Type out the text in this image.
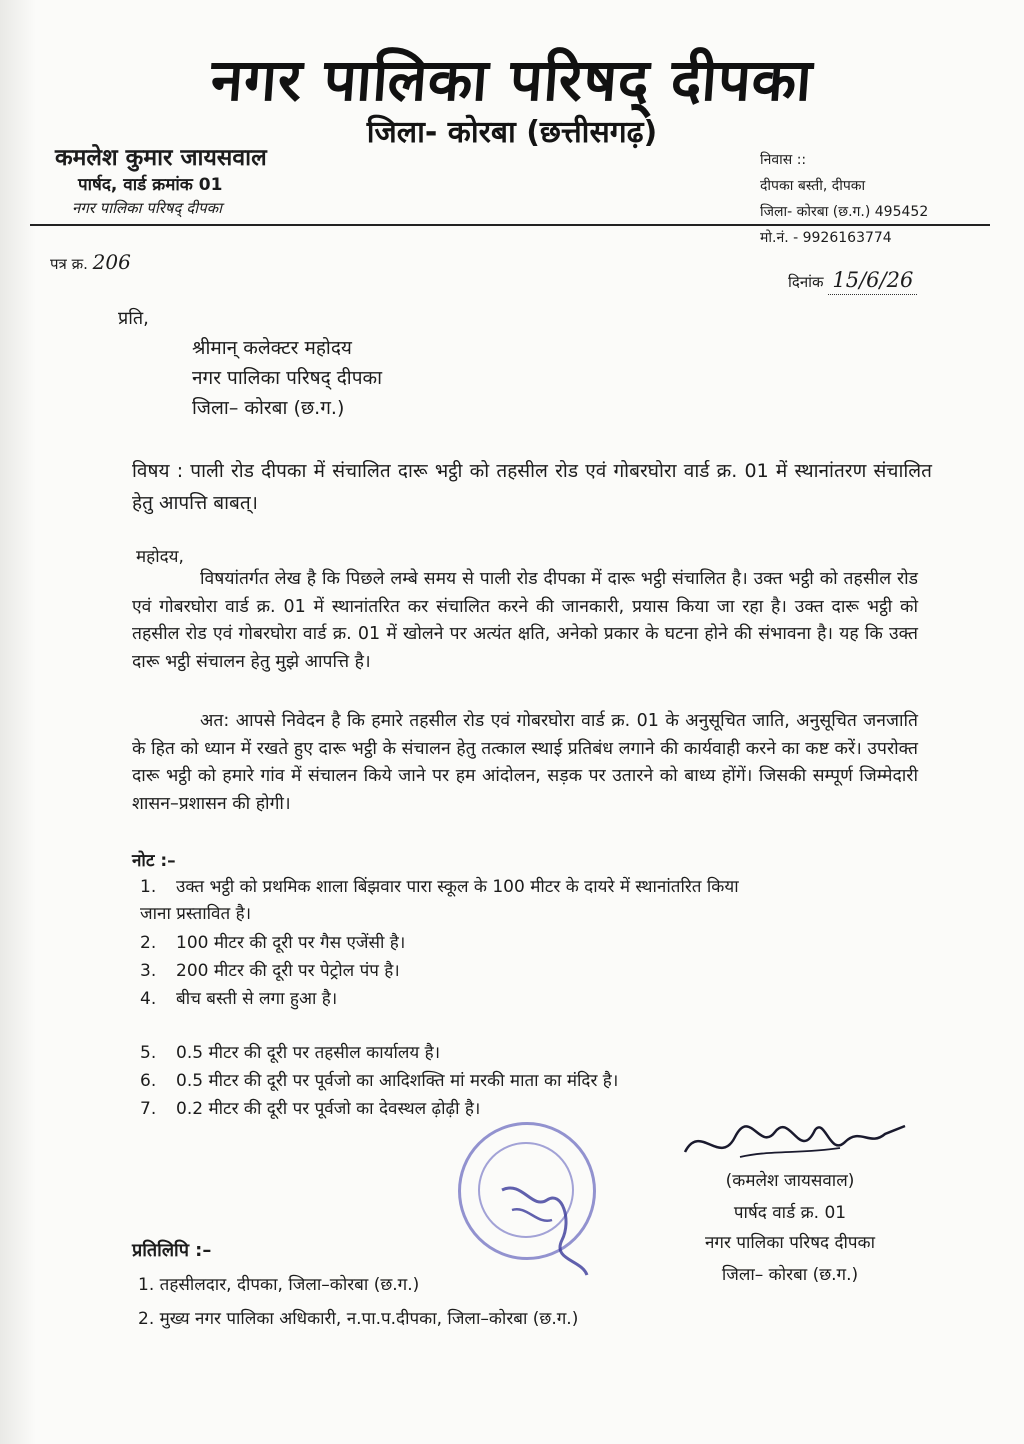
नगर पालिका परिषद् दीपका
जिला- कोरबा (छत्तीसगढ़)
कमलेश कुमार जायसवाल
पार्षद, वार्ड क्रमांक 01
नगर पालिका परिषद् दीपका
निवास ::
दीपका बस्ती, दीपका
जिला- कोरबा (छ.ग.) 495452
मो.नं. - 9926163774
पत्र क्र. 206
दिनांक 15/6/26
प्रति,
श्रीमान् कलेक्टर महोदय
नगर पालिका परिषद् दीपका
जिला– कोरबा (छ.ग.)
विषय : पाली रोड दीपका में संचालित दारू भट्ठी को तहसील रोड एवं गोबरघोरा वार्ड क्र. 01 में स्थानांतरण संचालित हेतु आपत्ति बाबत्।
महोदय,
विषयांतर्गत लेख है कि पिछले लम्बे समय से पाली रोड दीपका में दारू भट्ठी संचालित है। उक्त भट्ठी को तहसील रोड एवं गोबरघोरा वार्ड क्र. 01 में स्थानांतरित कर संचालित करने की जानकारी, प्रयास किया जा रहा है। उक्त दारू भट्ठी को तहसील रोड एवं गोबरघोरा वार्ड क्र. 01 में खोलने पर अत्यंत क्षति, अनेको प्रकार के घटना होने की संभावना है। यह कि उक्त दारू भट्ठी संचालन हेतु मुझे आपत्ति है।
अत: आपसे निवेदन है कि हमारे तहसील रोड एवं गोबरघोरा वार्ड क्र. 01 के अनुसूचित जाति, अनुसूचित जनजाति के हित को ध्यान में रखते हुए दारू भट्ठी के संचालन हेतु तत्काल स्थाई प्रतिबंध लगाने की कार्यवाही करने का कष्ट करें। उपरोक्त दारू भट्ठी को हमारे गांव में संचालन किये जाने पर हम आंदोलन, सड़क पर उतारने को बाध्य होंगें। जिसकी सम्पूर्ण जिम्मेदारी शासन–प्रशासन की होगी।
नोट :–
1. उक्त भट्ठी को प्रथमिक शाला बिंझवार पारा स्कूल के 100 मीटर के दायरे में स्थानांतरित किया
जाना प्रस्तावित है।
2. 100 मीटर की दूरी पर गैस एजेंसी है।
3. 200 मीटर की दूरी पर पेट्रोल पंप है।
4. बीच बस्ती से लगा हुआ है।
5. 0.5 मीटर की दूरी पर तहसील कार्यालय है।
6. 0.5 मीटर की दूरी पर पूर्वजो का आदिशक्ति मां मरकी माता का मंदिर है।
7. 0.2 मीटर की दूरी पर पूर्वजो का देवस्थल ढ़ोढ़ी है।
(कमलेश जायसवाल)
पार्षद वार्ड क्र. 01
नगर पालिका परिषद दीपका
जिला– कोरबा (छ.ग.)
प्रतिलिपि :–
1. तहसीलदार, दीपका, जिला–कोरबा (छ.ग.)
2. मुख्य नगर पालिका अधिकारी, न.पा.प.दीपका, जिला–कोरबा (छ.ग.)
